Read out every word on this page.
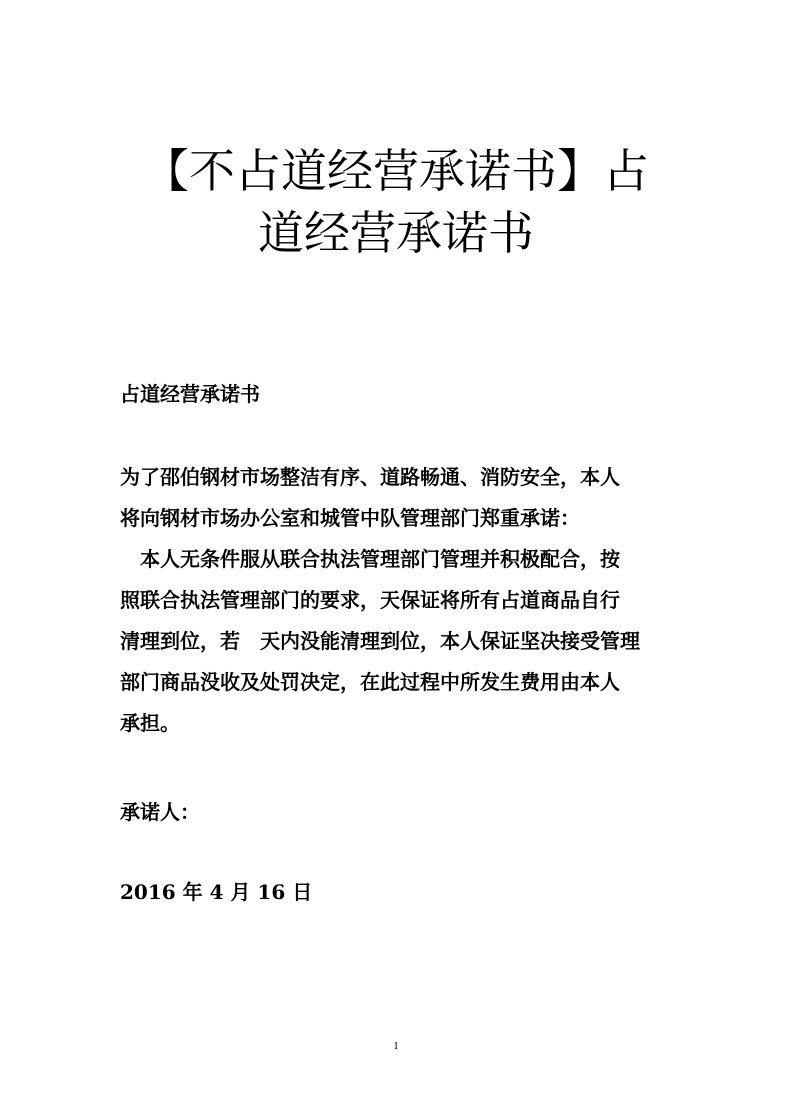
【不占道经营承诺书】占
道经营承诺书
占道经营承诺书

为了邵伯钢材市场整洁有序、道路畅通、消防安全，本人

将向钢材市场办公室和城管中队管理部门郑重承诺：

　本人无条件服从联合执法管理部门管理并积极配合，按

照联合执法管理部门的要求，天保证将所有占道商品自行

清理到位，若　天内没能清理到位，本人保证坚决接受管理

部门商品没收及处罚决定，在此过程中所发生费用由本人

承担。

承诺人：

2016 年 4 月 16 日

1
